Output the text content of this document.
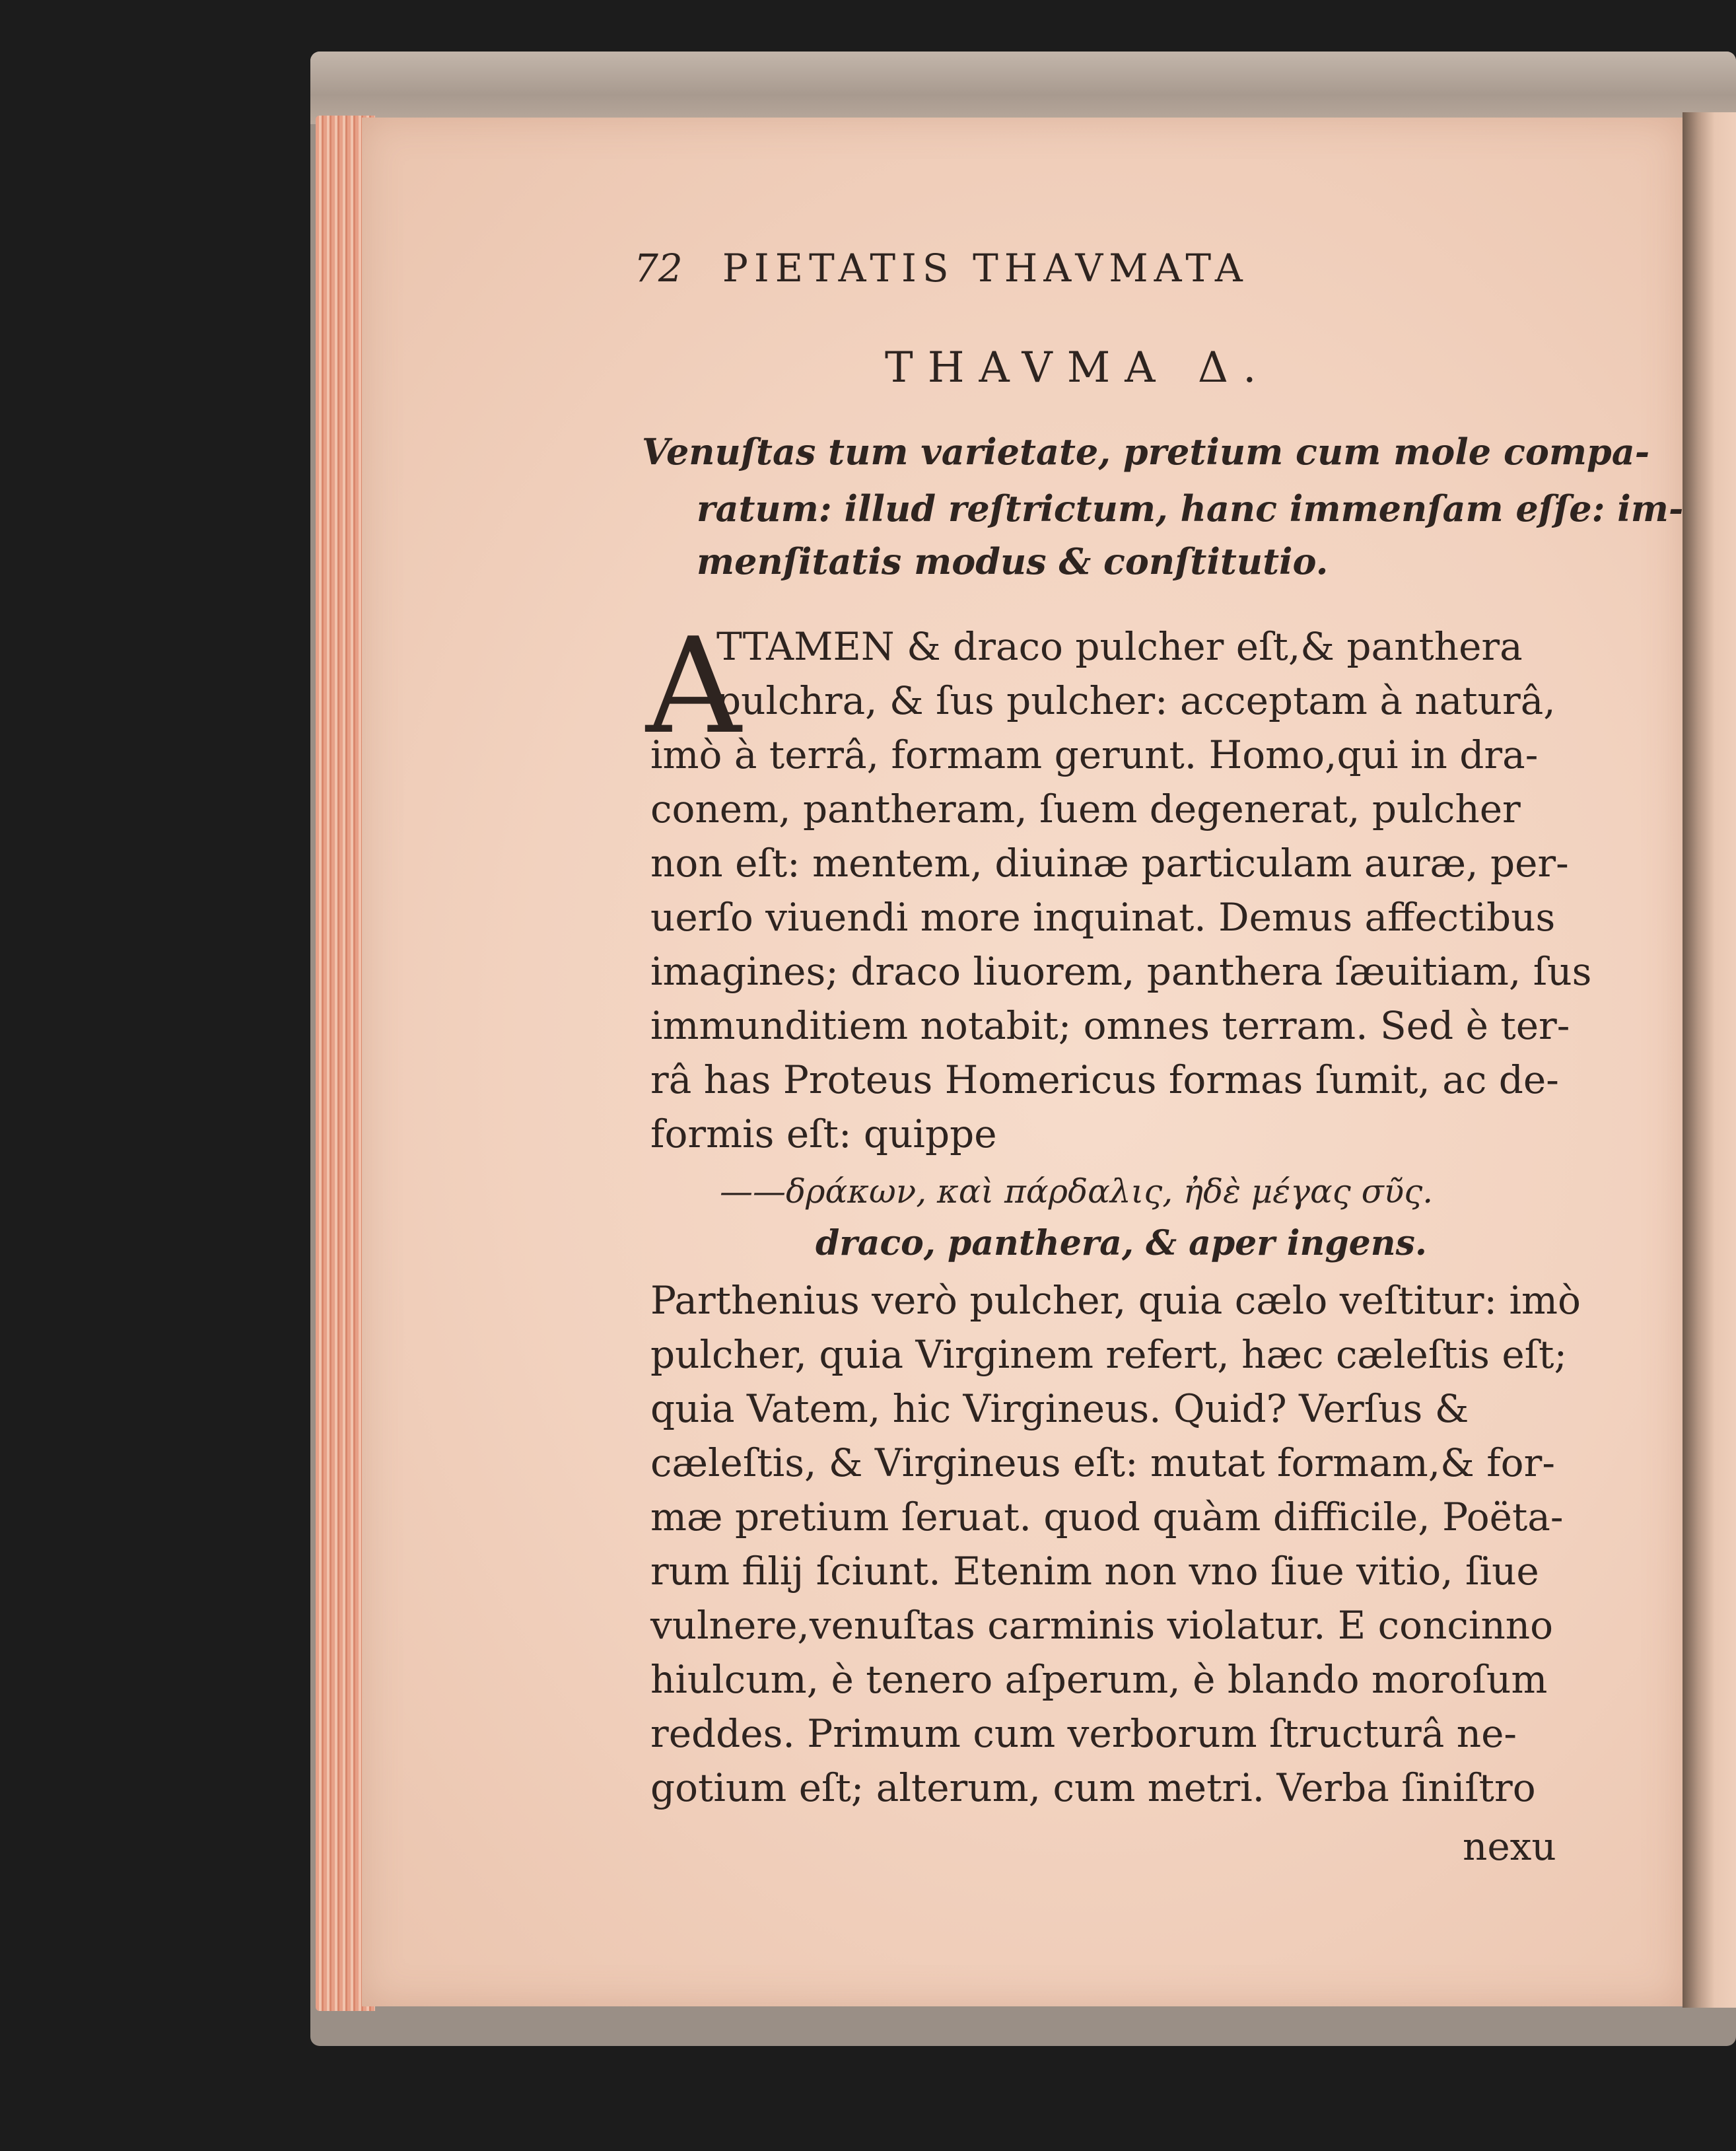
72 PIETATIS THAVMATA
THAVMA Δ.
Venuſtas tum varietate, pretium cum mole compa-
ratum: illud reſtrictum, hanc immenſam eſſe: im-
menſitatis modus & conſtitutio.
A
TTAMEN & draco pulcher eſt,& panthera
pulchra, & ſus pulcher: acceptam à naturâ,
imò à terrâ, formam gerunt. Homo,qui in dra-
conem, pantheram, ſuem degenerat, pulcher
non eſt: mentem, diuinæ particulam auræ, per-
uerſo viuendi more inquinat. Demus affectibus
imagines; draco liuorem, panthera ſæuitiam, ſus
immunditiem notabit; omnes terram. Sed è ter-
râ has Proteus Homericus formas ſumit, ac de-
formis eſt: quippe
——δράκων, καὶ πάρδαλις, ἠδὲ μέγας σῦς.
draco, panthera, & aper ingens.
Parthenius verò pulcher, quia cælo veſtitur: imò
pulcher, quia Virginem refert, hæc cæleſtis eſt;
quia Vatem, hic Virgineus. Quid? Verſus &
cæleſtis, & Virgineus eſt: mutat formam,& for-
mæ pretium ſeruat. quod quàm difficile, Poëta-
rum filij ſciunt. Etenim non vno ſiue vitio, ſiue
vulnere,venuſtas carminis violatur. E concinno
hiulcum, è tenero aſperum, è blando moroſum
reddes. Primum cum verborum ſtructurâ ne-
gotium eſt; alterum, cum metri. Verba ſiniſtro
nexu
